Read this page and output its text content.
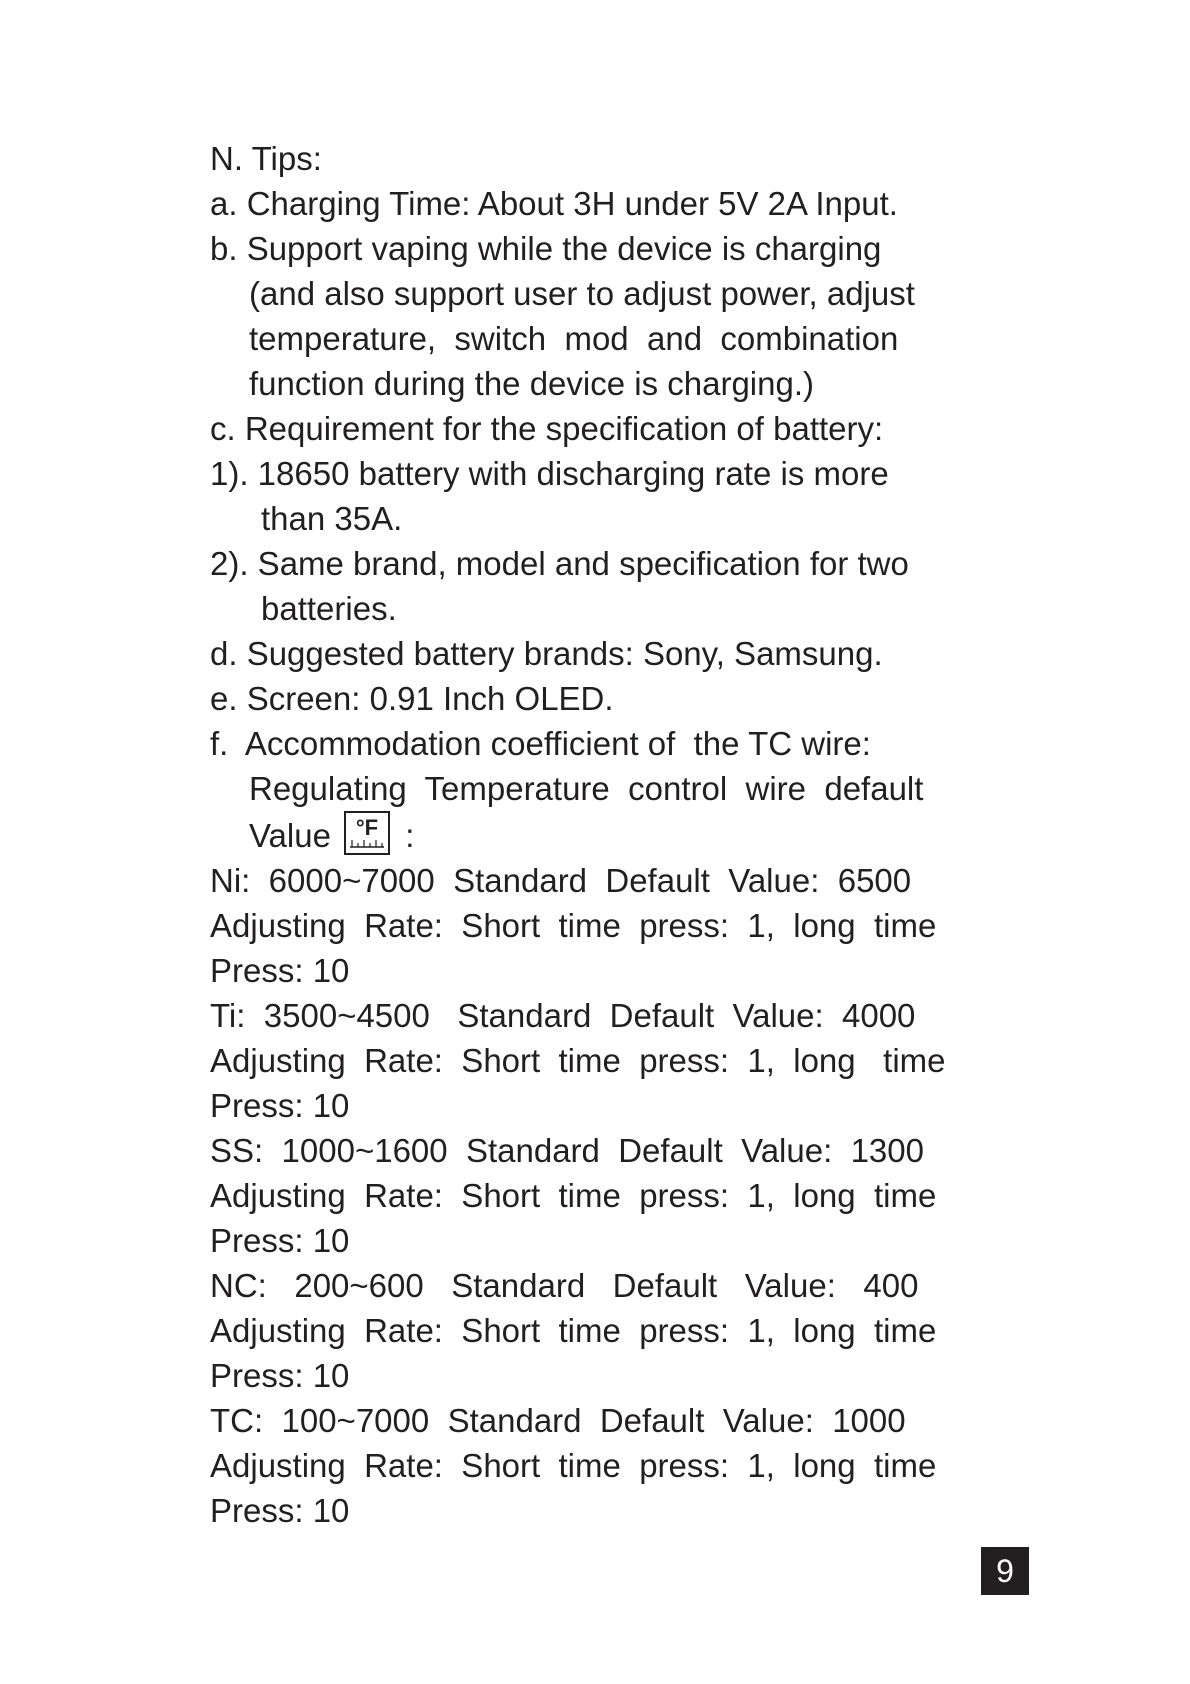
N. Tips:
a. Charging Time: About 3H under 5V 2A Input.
b. Support vaping while the device is charging
(and also support user to adjust power, adjust
temperature,  switch  mod  and  combination
function during the device is charging.)
c. Requirement for the specification of battery:
1). 18650 battery with discharging rate is more
than 35A.
2). Same brand, model and specification for two
batteries.
d. Suggested battery brands: Sony, Samsung.
e. Screen: 0.91 Inch OLED.
f.  Accommodation coefficient of  the TC wire:
Regulating  Temperature  control  wire  default
Value °F :
Ni:  6000~7000  Standard  Default  Value:  6500
Adjusting  Rate:  Short  time  press:  1,  long  time
Press: 10
Ti:  3500~4500   Standard  Default  Value:  4000
Adjusting  Rate:  Short  time  press:  1,  long   time
Press: 10
SS:  1000~1600  Standard  Default  Value:  1300
Adjusting  Rate:  Short  time  press:  1,  long  time
Press: 10
NC:   200~600   Standard   Default   Value:   400
Adjusting  Rate:  Short  time  press:  1,  long  time
Press: 10
TC:  100~7000  Standard  Default  Value:  1000
Adjusting  Rate:  Short  time  press:  1,  long  time
Press: 10
9
